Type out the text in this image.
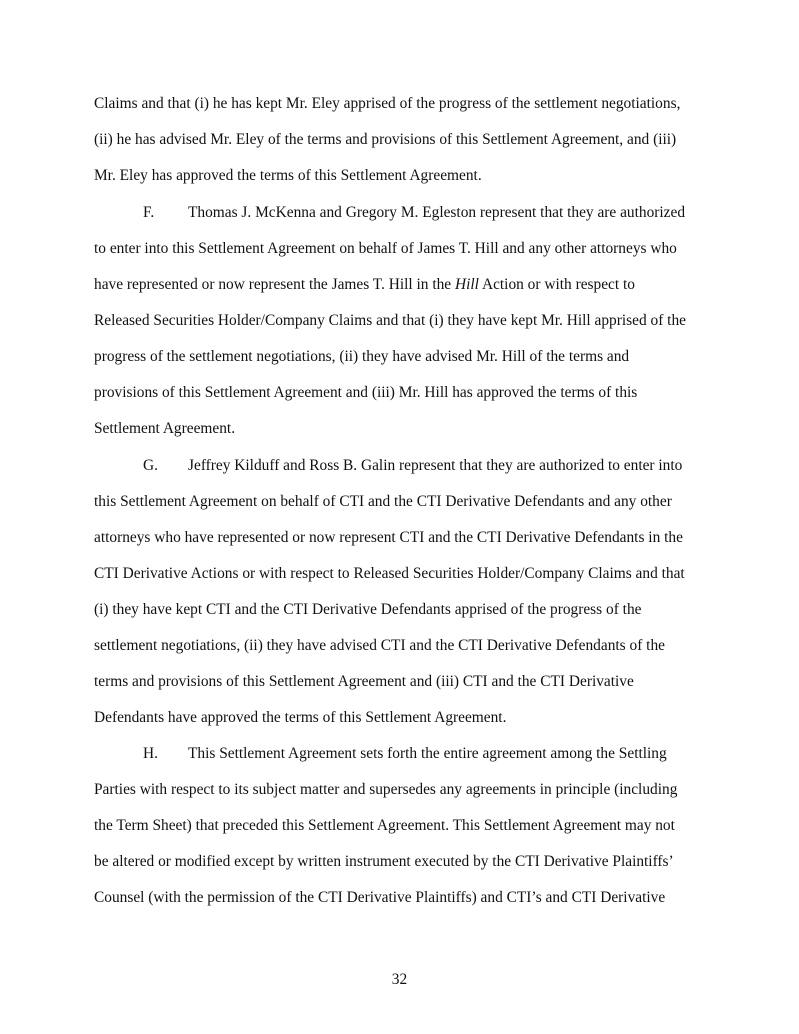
Claims and that (i) he has kept Mr. Eley apprised of the progress of the settlement negotiations,

(ii) he has advised Mr. Eley of the terms and provisions of this Settlement Agreement, and (iii)

Mr. Eley has approved the terms of this Settlement Agreement.

F. Thomas J. McKenna and Gregory M. Egleston represent that they are authorized

to enter into this Settlement Agreement on behalf of James T. Hill and any other attorneys who

have represented or now represent the James T. Hill in the Hill Action or with respect to

Released Securities Holder/Company Claims and that (i) they have kept Mr. Hill apprised of the

progress of the settlement negotiations, (ii) they have advised Mr. Hill of the terms and

provisions of this Settlement Agreement and (iii) Mr. Hill has approved the terms of this

Settlement Agreement.

G. Jeffrey Kilduff and Ross B. Galin represent that they are authorized to enter into

this Settlement Agreement on behalf of CTI and the CTI Derivative Defendants and any other

attorneys who have represented or now represent CTI and the CTI Derivative Defendants in the

CTI Derivative Actions or with respect to Released Securities Holder/Company Claims and that

(i) they have kept CTI and the CTI Derivative Defendants apprised of the progress of the

settlement negotiations, (ii) they have advised CTI and the CTI Derivative Defendants of the

terms and provisions of this Settlement Agreement and (iii) CTI and the CTI Derivative

Defendants have approved the terms of this Settlement Agreement.

H. This Settlement Agreement sets forth the entire agreement among the Settling

Parties with respect to its subject matter and supersedes any agreements in principle (including

the Term Sheet) that preceded this Settlement Agreement. This Settlement Agreement may not

be altered or modified except by written instrument executed by the CTI Derivative Plaintiffs’

Counsel (with the permission of the CTI Derivative Plaintiffs) and CTI’s and CTI Derivative

32
